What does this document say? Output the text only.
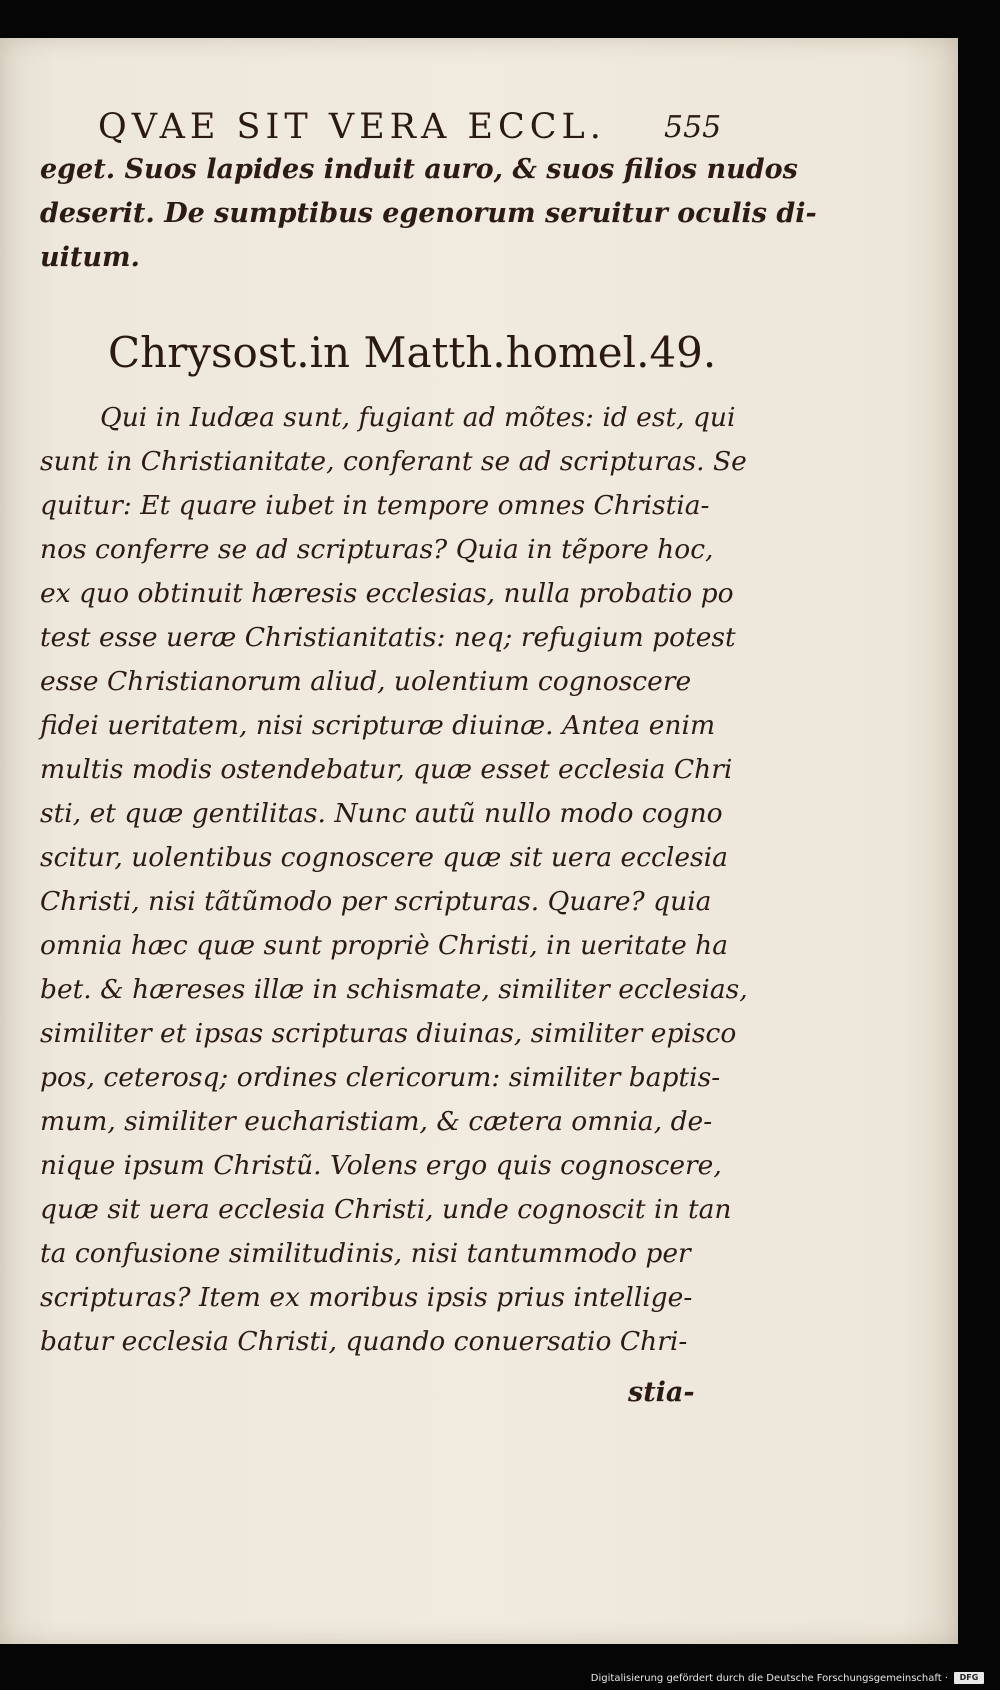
QVAE SIT VERA ECCL.	555
eget. Suos lapides induit auro, & suos filios nudos
deserit. De sumptibus egenorum seruitur oculis di-
uitum.
Chrysost.in Matth.homel.49.
Qui in Iudæa sunt, fugiant ad mõtes: id est, qui
sunt in Christianitate, conferant se ad scripturas. Se
quitur: Et quare iubet in tempore omnes Christia-
nos conferre se ad scripturas? Quia in tẽpore hoc,
ex quo obtinuit hæresis ecclesias, nulla probatio po
test esse ueræ Christianitatis: neq; refugium potest
esse Christianorum aliud, uolentium cognoscere
fidei ueritatem, nisi scripturæ diuinæ. Antea enim
multis modis ostendebatur, quæ esset ecclesia Chri
sti, et quæ gentilitas. Nunc autũ nullo modo cogno
scitur, uolentibus cognoscere quæ sit uera ecclesia
Christi, nisi tãtũmodo per scripturas. Quare? quia
omnia hæc quæ sunt propriè Christi, in ueritate ha
bet. & hæreses illæ in schismate, similiter ecclesias,
similiter et ipsas scripturas diuinas, similiter episco
pos, ceterosq; ordines clericorum: similiter baptis-
mum, similiter eucharistiam, & cætera omnia, de-
nique ipsum Christũ. Volens ergo quis cognoscere,
quæ sit uera ecclesia Christi, unde cognoscit in tan
ta confusione similitudinis, nisi tantummodo per
scripturas? Item ex moribus ipsis prius intellige-
batur ecclesia Christi, quando conuersatio Chri-
stia-
Digitalisierung gefördert durch die Deutsche Forschungsgemeinschaft ·	DFG
